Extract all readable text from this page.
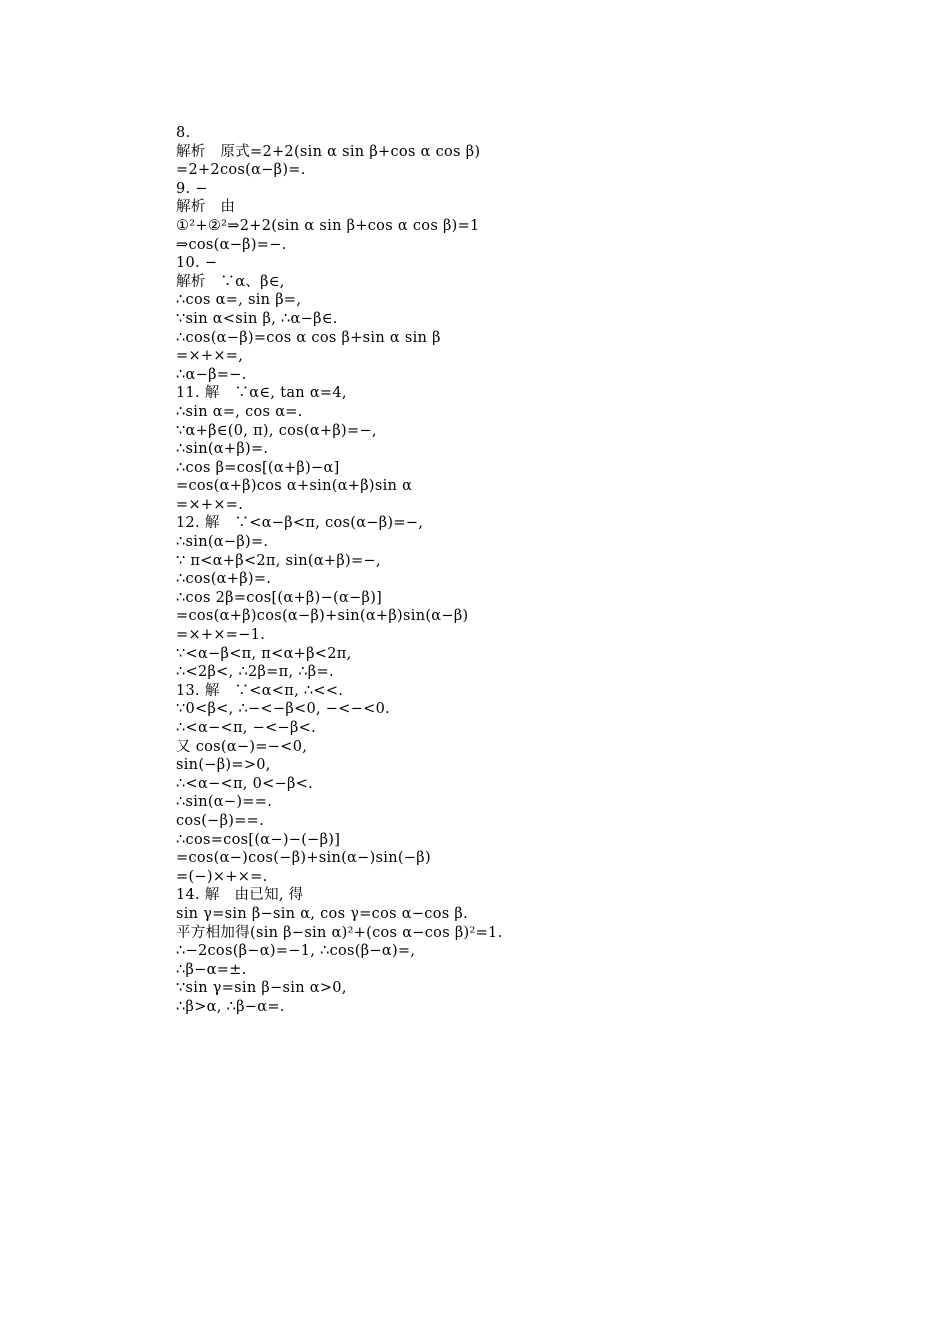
8.
解析　原式=2+2(sin α sin β+cos α cos β)
=2+2cos(α−β)=.
9. −
解析　由
①²+②²⇒2+2(sin α sin β+cos α cos β)=1
⇒cos(α−β)=−.
10. −
解析　∵α、β∈,
∴cos α=, sin β=,
∵sin α<sin β, ∴α−β∈.
∴cos(α−β)=cos α cos β+sin α sin β
=×+×=,
∴α−β=−.
11. 解　∵α∈, tan α=4,
∴sin α=, cos α=.
∵α+β∈(0, π), cos(α+β)=−,
∴sin(α+β)=.
∴cos β=cos[(α+β)−α]
=cos(α+β)cos α+sin(α+β)sin α
=×+×=.
12. 解　∵<α−β<π, cos(α−β)=−,
∴sin(α−β)=.
∵ π<α+β<2π, sin(α+β)=−,
∴cos(α+β)=.
∴cos 2β=cos[(α+β)−(α−β)]
=cos(α+β)cos(α−β)+sin(α+β)sin(α−β)
=×+×=−1.
∵<α−β<π, π<α+β<2π,
∴<2β<, ∴2β=π, ∴β=.
13. 解　∵<α<π, ∴<<.
∵0<β<, ∴−<−β<0, −<−<0.
∴<α−<π, −<−β<.
又 cos(α−)=−<0,
sin(−β)=>0,
∴<α−<π, 0<−β<.
∴sin(α−)==.
cos(−β)==.
∴cos=cos[(α−)−(−β)]
=cos(α−)cos(−β)+sin(α−)sin(−β)
=(−)×+×=.
14. 解　由已知, 得
sin γ=sin β−sin α, cos γ=cos α−cos β.
平方相加得(sin β−sin α)²+(cos α−cos β)²=1.
∴−2cos(β−α)=−1, ∴cos(β−α)=,
∴β−α=±.
∵sin γ=sin β−sin α>0,
∴β>α, ∴β−α=.
